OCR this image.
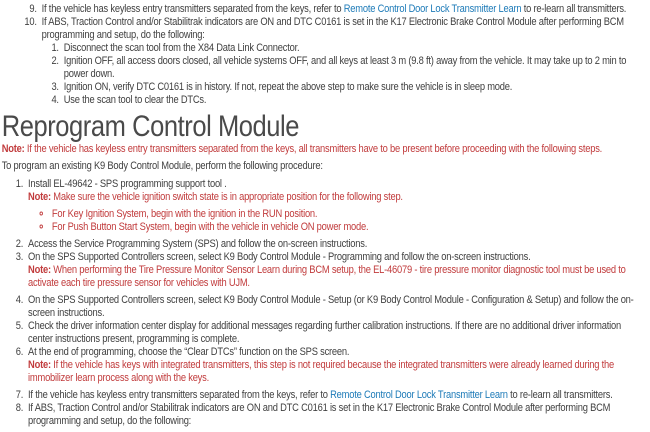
9. If the vehicle has keyless entry transmitters separated from the keys, refer to Remote Control Door Lock Transmitter Learn to re-learn all transmitters.
10. If ABS, Traction Control and/or Stabilitrak indicators are ON and DTC C0161 is set in the K17 Electronic Brake Control Module after performing BCM programming and setup, do the following:
1. Disconnect the scan tool from the X84 Data Link Connector.
2. Ignition OFF, all access doors closed, all vehicle systems OFF, and all keys at least 3 m (9.8 ft) away from the vehicle. It may take up to 2 min to power down.
3. Ignition ON, verify DTC C0161 is in history. If not, repeat the above step to make sure the vehicle is in sleep mode.
4. Use the scan tool to clear the DTCs.
Reprogram Control Module

Note: If the vehicle has keyless entry transmitters separated from the keys, all transmitters have to be present before proceeding with the following steps.

To program an existing K9 Body Control Module, perform the following procedure:

1. Install EL-49642 - SPS programming support tool .
Note: Make sure the vehicle ignition switch state is in appropriate position for the following step.
◦ For Key Ignition System, begin with the ignition in the RUN position.
◦ For Push Button Start System, begin with the vehicle in vehicle ON power mode.
2. Access the Service Programming System (SPS) and follow the on-screen instructions.
3. On the SPS Supported Controllers screen, select K9 Body Control Module - Programming and follow the on-screen instructions.
Note: When performing the Tire Pressure Monitor Sensor Learn during BCM setup, the EL-46079 - tire pressure monitor diagnostic tool must be used to activate each tire pressure sensor for vehicles with UJM.
4. On the SPS Supported Controllers screen, select K9 Body Control Module - Setup (or K9 Body Control Module - Configuration & Setup) and follow the on-screen instructions.
5. Check the driver information center display for additional messages regarding further calibration instructions. If there are no additional driver information center instructions present, programming is complete.
6. At the end of programming, choose the “Clear DTCs” function on the SPS screen.
Note: If the vehicle has keys with integrated transmitters, this step is not required because the integrated transmitters were already learned during the immobilizer learn process along with the keys.
7. If the vehicle has keyless entry transmitters separated from the keys, refer to Remote Control Door Lock Transmitter Learn to re-learn all transmitters.
8. If ABS, Traction Control and/or Stabilitrak indicators are ON and DTC C0161 is set in the K17 Electronic Brake Control Module after performing BCM programming and setup, do the following:
